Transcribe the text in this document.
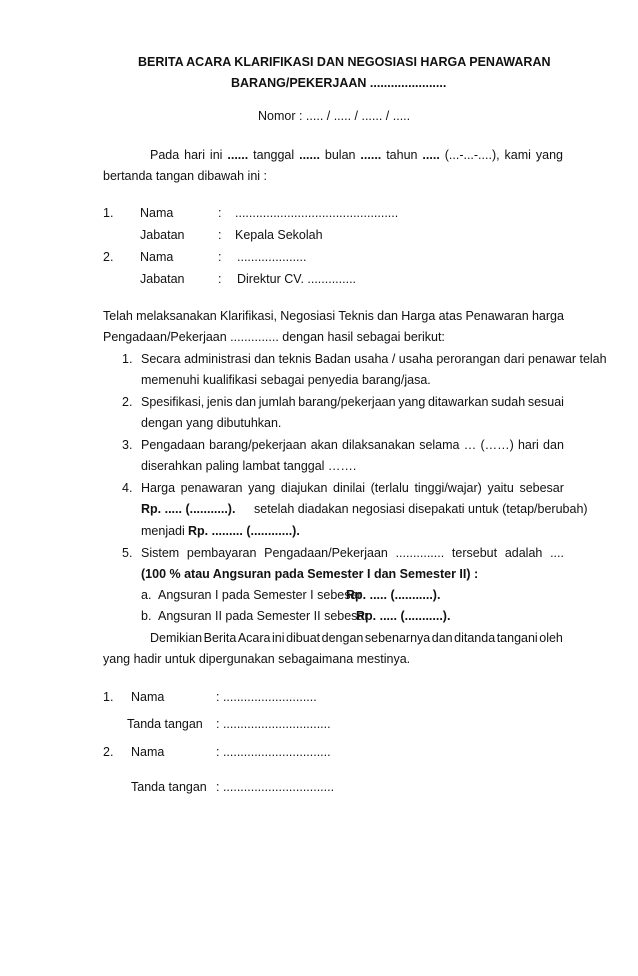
BERITA ACARA KLARIFIKASI DAN NEGOSIASI HARGA PENAWARAN
BARANG/PEKERJAAN ......................
Nomor : ..... / ..... / ...... / .....
Pada hari ini ...... tanggal ...... bulan ...... tahun ..... (...-...-....), kami yang
bertanda tangan dibawah ini :
1. Nama	: ...............................................
Jabatan	: Kepala Sekolah
2. Nama	: ....................
Jabatan	: Direktur CV. ..............
Telah melaksanakan Klarifikasi, Negosiasi Teknis dan Harga atas Penawaran harga
Pengadaan/Pekerjaan .............. dengan hasil sebagai berikut:
1. Secara administrasi dan teknis Badan usaha / usaha perorangan dari penawar telah
memenuhi kualifikasi sebagai penyedia barang/jasa.
2. Spesifikasi, jenis dan jumlah barang/pekerjaan yang ditawarkan sudah sesuai
dengan yang dibutuhkan.
3. Pengadaan barang/pekerjaan akan dilaksanakan selama … (……) hari dan
diserahkan paling lambat tanggal …….
4. Harga penawaran yang diajukan dinilai (terlalu tinggi/wajar) yaitu sebesar
Rp. ..... (...........). setelah diadakan negosiasi disepakati untuk (tetap/berubah)
menjadi Rp. ......... (............).
5. Sistem pembayaran Pengadaan/Pekerjaan .............. tersebut adalah ....
(100 % atau Angsuran pada Semester I dan Semester II) :
a. Angsuran I pada Semester I sebesar
Rp. ..... (...........).
b. Angsuran II pada Semester II sebesar
Rp. ..... (...........).
Demikian Berita Acara ini dibuat dengan sebenarnya dan ditanda tangani oleh
yang hadir untuk dipergunakan sebagaimana mestinya.
1. Nama	: ...........................
Tanda tangan : ...............................
2. Nama	: ...............................
Tanda tangan : ................................
